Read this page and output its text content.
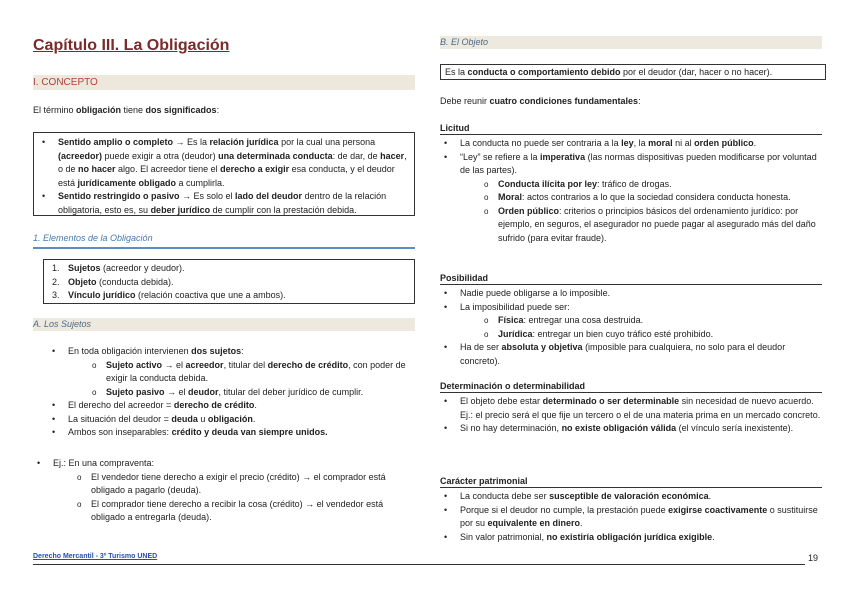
Capítulo III. La Obligación
I. CONCEPTO
El término obligación tiene dos significados:
• Sentido amplio o completo → Es la relación jurídica por la cual una persona (acreedor) puede exigir a otra (deudor) una determinada conducta: de dar, de hacer, o de no hacer algo. El acreedor tiene el derecho a exigir esa conducta, y el deudor está jurídicamente obligado a cumplirla.
• Sentido restringido o pasivo → Es solo el lado del deudor dentro de la relación obligatoria, esto es, su deber jurídico de cumplir con la prestación debida.
1. Elementos de la Obligación
1. Sujetos (acreedor y deudor).
2. Objeto (conducta debida).
3. Vínculo jurídico (relación coactiva que une a ambos).
A. Los Sujetos
• En toda obligación intervienen dos sujetos:
o Sujeto activo → el acreedor, titular del derecho de crédito, con poder de exigir la conducta debida.
o Sujeto pasivo → el deudor, titular del deber jurídico de cumplir.
• El derecho del acreedor = derecho de crédito.
• La situación del deudor = deuda u obligación.
• Ambos son inseparables: crédito y deuda van siempre unidos.
• Ej.: En una compraventa:
o El vendedor tiene derecho a exigir el precio (crédito) → el comprador está obligado a pagarlo (deuda).
o El comprador tiene derecho a recibir la cosa (crédito) → el vendedor está obligado a entregarla (deuda).
B. El Objeto
Es la conducta o comportamiento debido por el deudor (dar, hacer o no hacer).
Debe reunir cuatro condiciones fundamentales:
Licitud
• La conducta no puede ser contraria a la ley, la moral ni al orden público.
• “Ley” se refiere a la imperativa (las normas dispositivas pueden modificarse por voluntad de las partes).
o Conducta ilícita por ley: tráfico de drogas.
o Moral: actos contrarios a lo que la sociedad considera conducta honesta.
o Orden público: criterios o principios básicos del ordenamiento jurídico: por ejemplo, en seguros, el asegurador no puede pagar al asegurado más del daño sufrido (para evitar fraude).
Posibilidad
• Nadie puede obligarse a lo imposible.
• La imposibilidad puede ser:
o Física: entregar una cosa destruida.
o Jurídica: entregar un bien cuyo tráfico esté prohibido.
• Ha de ser absoluta y objetiva (imposible para cualquiera, no solo para el deudor concreto).
Determinación o determinabilidad
• El objeto debe estar determinado o ser determinable sin necesidad de nuevo acuerdo. Ej.: el precio será el que fije un tercero o el de una materia prima en un mercado concreto.
• Si no hay determinación, no existe obligación válida (el vínculo sería inexistente).
Carácter patrimonial
• La conducta debe ser susceptible de valoración económica.
• Porque si el deudor no cumple, la prestación puede exigirse coactivamente o sustituirse por su equivalente en dinero.
• Sin valor patrimonial, no existiría obligación jurídica exigible.
Derecho Mercantil - 3º Turismo UNED	19
